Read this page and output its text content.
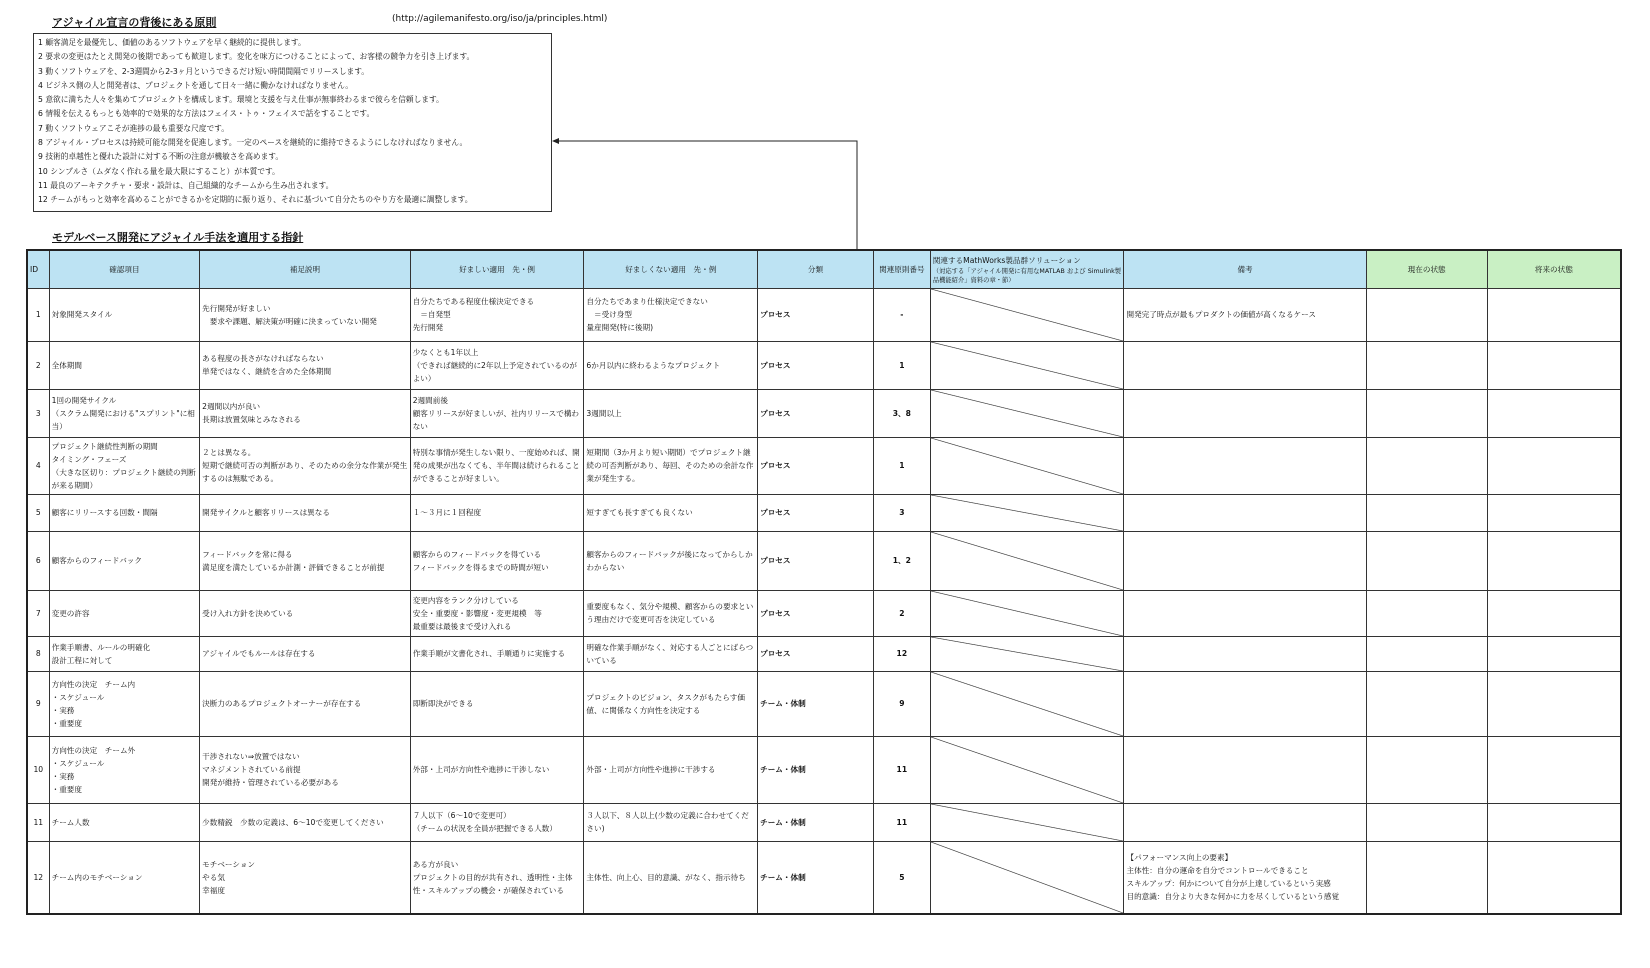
アジャイル宣言の背後にある原則	(http://agilemanifesto.org/iso/ja/principles.html)
1 顧客満足を最優先し、価値のあるソフトウェアを早く継続的に提供します。
2 要求の変更はたとえ開発の後期であっても歓迎します。変化を味方につけることによって、お客様の競争力を引き上げます。
3 動くソフトウェアを、2-3週間から2-3ヶ月というできるだけ短い時間間隔でリリースします。
4 ビジネス側の人と開発者は、プロジェクトを通して日々一緒に働かなければなりません。
5 意欲に満ちた人々を集めてプロジェクトを構成します。環境と支援を与え仕事が無事終わるまで彼らを信頼します。
6 情報を伝えるもっとも効率的で効果的な方法はフェイス・トゥ・フェイスで話をすることです。
7 動くソフトウェアこそが進捗の最も重要な尺度です。
8 アジャイル・プロセスは持続可能な開発を促進します。一定のペースを継続的に維持できるようにしなければなりません。
9 技術的卓越性と優れた設計に対する不断の注意が機敏さを高めます。
10 シンプルさ（ムダなく作れる量を最大限にすること）が本質です。
11 最良のアーキテクチャ・要求・設計は、自己組織的なチームから生み出されます。
12 チームがもっと効率を高めることができるかを定期的に振り返り、それに基づいて自分たちのやり方を最適に調整します。
モデルベース開発にアジャイル手法を適用する指針
ID	確認項目	補足説明	好ましい適用　先・例	好ましくない適用　先・例	分類	関連原則番号	関連するMathWorks製品群ソリューション
（対応する「アジャイル開発に有用なMATLAB および Simulink製品機能紹介」資料の章・節）	備考	現在の状態	将来の状態
1	対象開発スタイル	先行開発が好ましい
　要求や課題、解決策が明確に決まっていない開発	自分たちである程度仕様決定できる
　＝自発型
先行開発	自分たちであまり仕様決定できない
　＝受け身型
量産開発(特に後期)	プロセス	-		開発完了時点が最もプロダクトの価値が高くなるケース		
2	全体期間	ある程度の長さがなければならない
単発ではなく、継続を含めた全体期間	少なくとも1年以上
（できれば継続的に2年以上予定されているのがよい）	6か月以内に終わるようなプロジェクト	プロセス	1				
3	1回の開発サイクル
（スクラム開発における"スプリント"に相当）	2週間以内が良い
長期は放置気味とみなされる	2週間前後
顧客リリースが好ましいが、社内リリースで構わない	3週間以上	プロセス	3、8				
4	プロジェクト継続性判断の期間
タイミング・フェーズ
（大きな区切り：プロジェクト継続の判断が来る期間）	２とは異なる。
短期で継続可否の判断があり、そのための余分な作業が発生するのは無駄である。	特別な事情が発生しない限り、一度始めれば、開発の成果が出なくても、半年間は続けられることができることが好ましい。	短期間（3か月より短い期間）でプロジェクト継続の可否判断があり、毎回、そのための余計な作業が発生する。	プロセス	1				
5	顧客にリリースする回数・間隔	開発サイクルと顧客リリースは異なる	１～３月に１回程度	短すぎても長すぎても良くない	プロセス	3				
6	顧客からのフィードバック	フィードバックを常に得る
満足度を満たしているか計測・評価できることが前提	顧客からのフィードバックを得ている
フィードバックを得るまでの時間が短い	顧客からのフィードバックが後になってからしかわからない	プロセス	1、2				
7	変更の許容	受け入れ方針を決めている	変更内容をランク分けしている
安全・重要度・影響度・変更規模　等
最重要は最後まで受け入れる	重要度もなく、気分や規模、顧客からの要求という理由だけで変更可否を決定している	プロセス	2				
8	作業手順書、ルールの明確化
設計工程に対して	アジャイルでもルールは存在する	作業手順が文書化され、手順通りに実施する	明確な作業手順がなく、対応する人ごとにばらついている	プロセス	12				
9	方向性の決定　チーム内
・スケジュール
・実務
・重要度	決断力のあるプロジェクトオーナーが存在する	即断即決ができる	プロジェクトのビジョン、タスクがもたらす価値、に関係なく方向性を決定する	チーム・体制	9				
10	方向性の決定　チーム外
・スケジュール
・実務
・重要度	干渉されない⇒放置ではない
マネジメントされている前提
開発が維持・管理されている必要がある	外部・上司が方向性や進捗に干渉しない	外部・上司が方向性や進捗に干渉する	チーム・体制	11				
11	チーム人数	少数精鋭　少数の定義は、6～10で変更してください	７人以下（6～10で変更可）
（チームの状況を全員が把握できる人数）	３人以下、８人以上(少数の定義に合わせてください)	チーム・体制	11				
12	チーム内のモチベーション	モチベーション
やる気
幸福度	ある方が良い
プロジェクトの目的が共有され、透明性・主体性・スキルアップの機会・が確保されている	主体性、向上心、目的意識、がなく、指示待ち	チーム・体制	5		【パフォーマンス向上の要素】
主体性：自分の運命を自分でコントロールできること
スキルアップ：何かについて自分が上達しているという実感
目的意識：自分より大きな何かに力を尽くしているという感覚		
